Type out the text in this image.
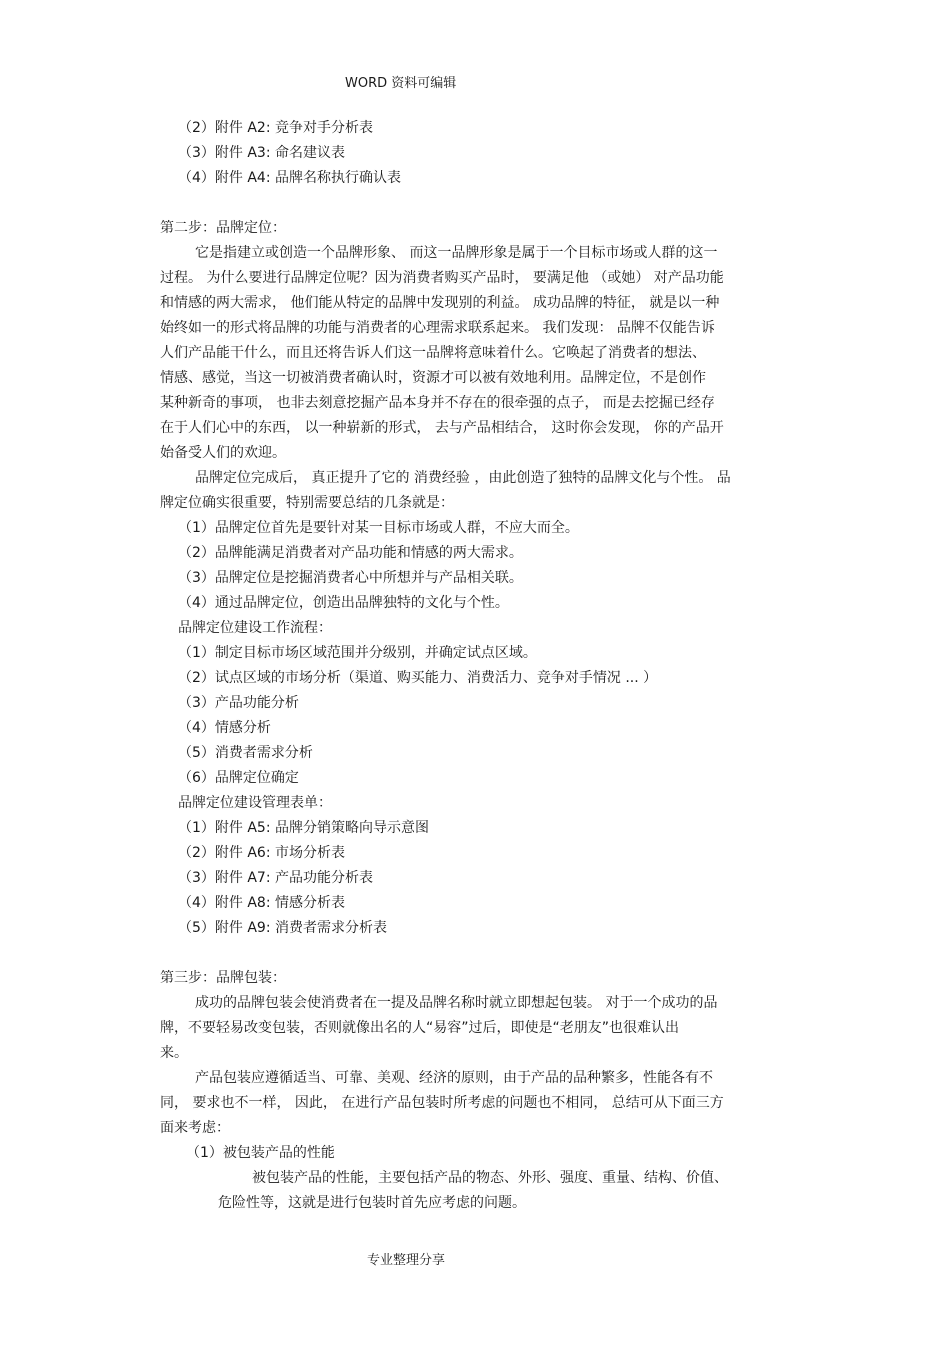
WORD 资料可编辑
（2）附件 A2: 竞争对手分析表
（3）附件 A3: 命名建议表
（4）附件 A4: 品牌名称执行确认表
第二步：品牌定位：
它是指建立或创造一个品牌形象、 而这一品牌形象是属于一个目标市场或人群的这一
过程。 为什么要进行品牌定位呢？因为消费者购买产品时， 要满足他 （或她） 对产品功能
和情感的两大需求， 他们能从特定的品牌中发现别的利益。 成功品牌的特征， 就是以一种
始终如一的形式将品牌的功能与消费者的心理需求联系起来。 我们发现： 品牌不仅能告诉
人们产品能干什么，而且还将告诉人们这一品牌将意味着什么。它唤起了消费者的想法、
情感、感觉，当这一切被消费者确认时，资源才可以被有效地利用。品牌定位，不是创作
某种新奇的事项， 也非去刻意挖掘产品本身并不存在的很牵强的点子， 而是去挖掘已经存
在于人们心中的东西， 以一种崭新的形式， 去与产品相结合， 这时你会发现， 你的产品开
始备受人们的欢迎。
品牌定位完成后， 真正提升了它的 消费经验 ，由此创造了独特的品牌文化与个性。 品
牌定位确实很重要，特别需要总结的几条就是：
（1）品牌定位首先是要针对某一目标市场或人群，不应大而全。
（2）品牌能满足消费者对产品功能和情感的两大需求。
（3）品牌定位是挖掘消费者心中所想并与产品相关联。
（4）通过品牌定位，创造出品牌独特的文化与个性。
品牌定位建设工作流程：
（1）制定目标市场区域范围并分级别，并确定试点区域。
（2）试点区域的市场分析（渠道、购买能力、消费活力、竞争对手情况 ... ）
（3）产品功能分析
（4）情感分析
（5）消费者需求分析
（6）品牌定位确定
品牌定位建设管理表单：
（1）附件 A5: 品牌分销策略向导示意图
（2）附件 A6: 市场分析表
（3）附件 A7: 产品功能分析表
（4）附件 A8: 情感分析表
（5）附件 A9: 消费者需求分析表
第三步：品牌包装：
成功的品牌包装会使消费者在一提及品牌名称时就立即想起包装。 对于一个成功的品
牌，不要轻易改变包装，否则就像出名的人“易容”过后，即使是“老朋友”也很难认出
来。
产品包装应遵循适当、可靠、美观、经济的原则，由于产品的品种繁多，性能各有不
同， 要求也不一样， 因此， 在进行产品包装时所考虑的问题也不相同， 总结可从下面三方
面来考虑：
（1）被包装产品的性能
被包装产品的性能，主要包括产品的物态、外形、强度、重量、结构、价值、
危险性等，这就是进行包装时首先应考虑的问题。
专业整理分享
